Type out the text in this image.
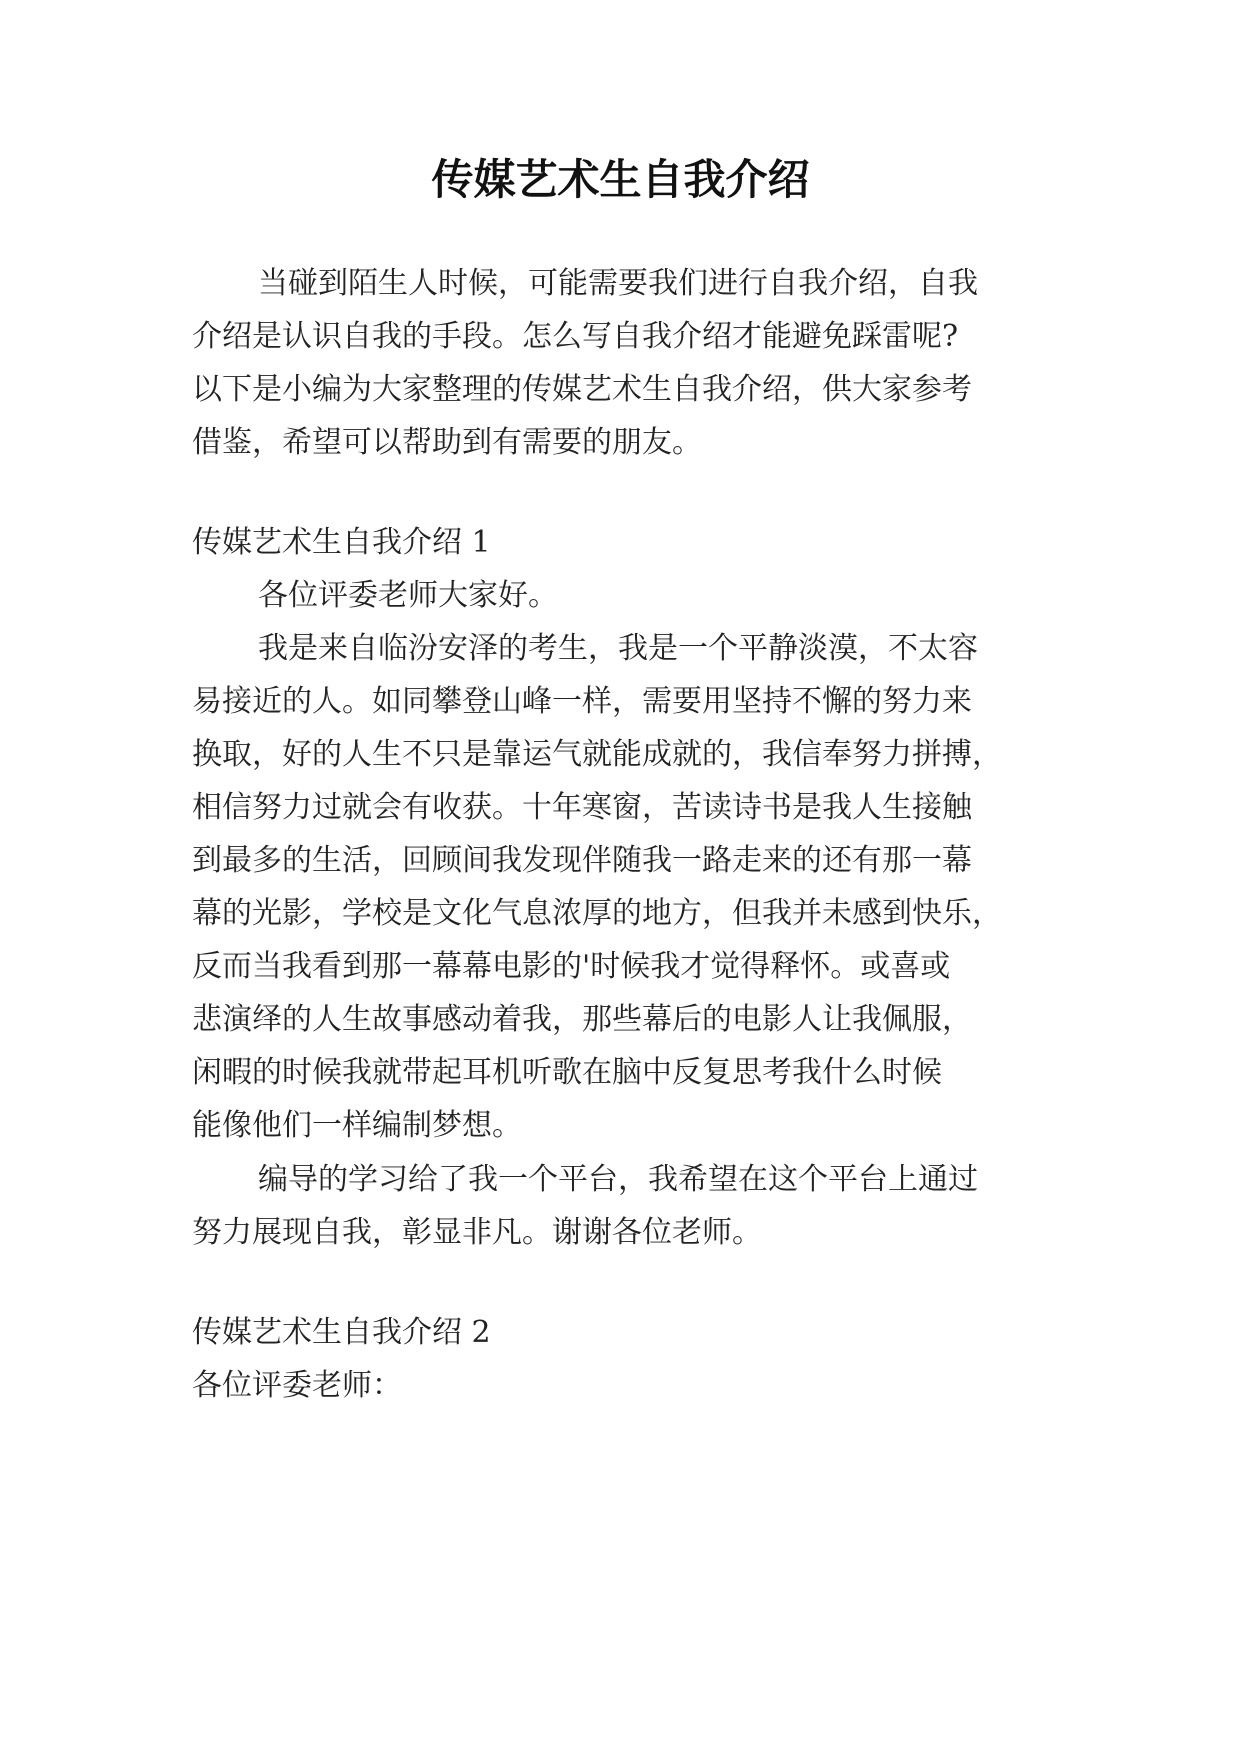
传媒艺术生自我介绍
当碰到陌生人时候，可能需要我们进行自我介绍，自我
介绍是认识自我的手段。怎么写自我介绍才能避免踩雷呢?
以下是小编为大家整理的传媒艺术生自我介绍，供大家参考
借鉴，希望可以帮助到有需要的朋友。
传媒艺术生自我介绍 1
各位评委老师大家好。
我是来自临汾安泽的考生，我是一个平静淡漠，不太容
易接近的人。如同攀登山峰一样，需要用坚持不懈的努力来
换取，好的人生不只是靠运气就能成就的，我信奉努力拼搏，
相信努力过就会有收获。十年寒窗，苦读诗书是我人生接触
到最多的生活，回顾间我发现伴随我一路走来的还有那一幕
幕的光影，学校是文化气息浓厚的地方，但我并未感到快乐，
反而当我看到那一幕幕电影的'时候我才觉得释怀。或喜或
悲演绎的人生故事感动着我，那些幕后的电影人让我佩服，
闲暇的时候我就带起耳机听歌在脑中反复思考我什么时候
能像他们一样编制梦想。
编导的学习给了我一个平台，我希望在这个平台上通过
努力展现自我，彰显非凡。谢谢各位老师。
传媒艺术生自我介绍 2
各位评委老师：
